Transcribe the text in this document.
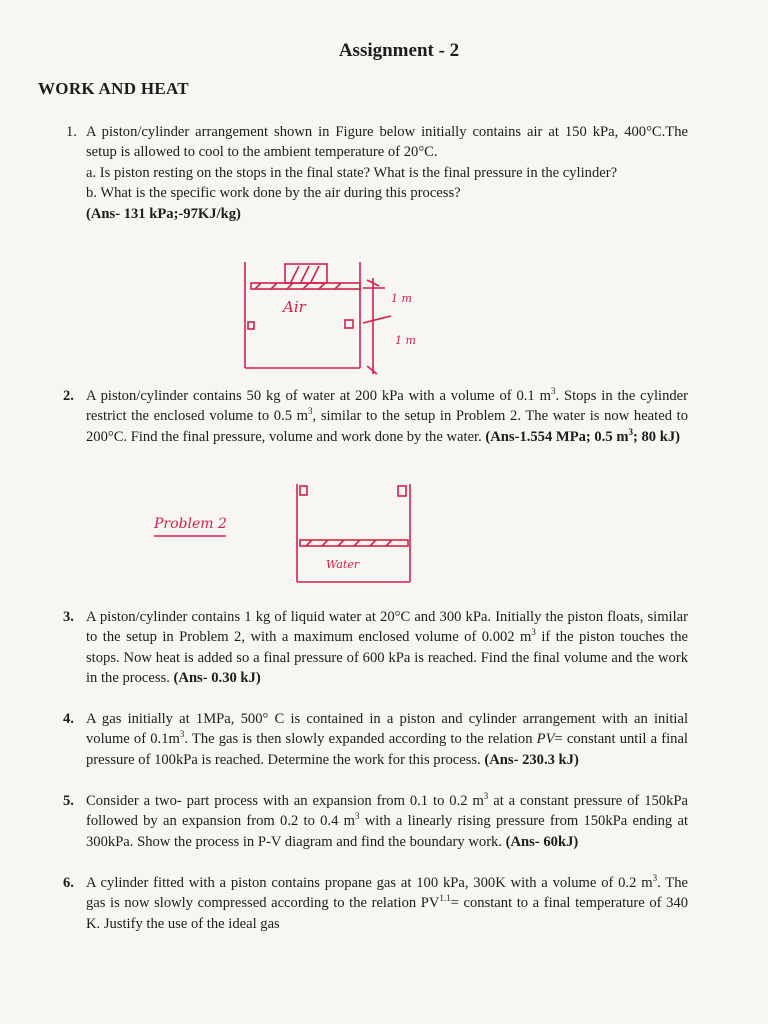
Assignment - 2
WORK AND HEAT
1. A piston/cylinder arrangement shown in Figure below initially contains air at 150 kPa, 400°C.The setup is allowed to cool to the ambient temperature of 20°C.
a. Is piston resting on the stops in the final state? What is the final pressure in the cylinder?
b. What is the specific work done by the air during this process?
(Ans- 131 kPa;-97KJ/kg)
Air	1 m
1 m
2. A piston/cylinder contains 50 kg of water at 200 kPa with a volume of 0.1 $m^3$. Stops in the cylinder restrict the enclosed volume to 0.5 $m^3$, similar to the setup in Problem 2. The water is now heated to 200°C. Find the final pressure, volume and work done by the water. (Ans-1.554 MPa; 0.5 $m^3$; 80 kJ)
Problem 2
Water
3. A piston/cylinder contains 1 kg of liquid water at 20°C and 300 kPa. Initially the piston floats, similar to the setup in Problem 2, with a maximum enclosed volume of 0.002 $m^3$ if the piston touches the stops. Now heat is added so a final pressure of 600 kPa is reached. Find the final volume and the work in the process. (Ans- 0.30 kJ)
4. A gas initially at 1MPa, 500° C is contained in a piston and cylinder arrangement with an initial volume of $0.1m^3$. The gas is then slowly expanded according to the relation PV= constant until a final pressure of 100kPa is reached. Determine the work for this process. (Ans- 230.3 kJ)
5. Consider a two- part process with an expansion from 0.1 to 0.2 $m^3$ at a constant pressure of 150kPa followed by an expansion from 0.2 to 0.4 $m^3$ with a linearly rising pressure from 150kPa ending at 300kPa. Show the process in P-V diagram and find the boundary work. (Ans- 60kJ)
6. A cylinder fitted with a piston contains propane gas at 100 kPa, 300K with a volume of 0.2 $m^3$. The gas is now slowly compressed according to the relation $PV^{1.1}=$ constant to a final temperature of 340 K. Justify the use of the ideal gas
